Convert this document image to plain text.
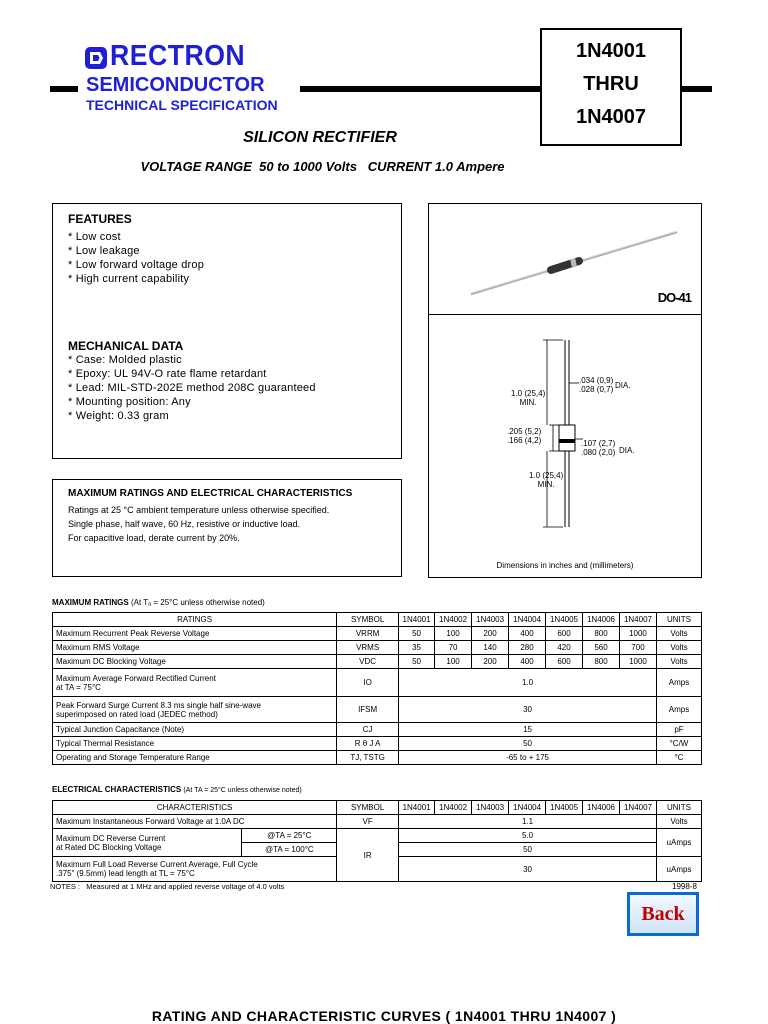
RECTRON
SEMICONDUCTOR
TECHNICAL SPECIFICATION
1N4001
THRU
1N4007
SILICON RECTIFIER
VOLTAGE RANGE  50 to 1000 Volts   CURRENT 1.0 Ampere
FEATURES
* Low cost
* Low leakage
* Low forward voltage drop
* High current capability
MECHANICAL DATA
* Case: Molded plastic
* Epoxy: UL 94V-O rate flame retardant
* Lead: MIL-STD-202E method 208C guaranteed
* Mounting position: Any
* Weight: 0.33 gram
MAXIMUM RATINGS AND ELECTRICAL CHARACTERISTICS
Ratings at 25 °C ambient temperature unless otherwise specified.
Single phase, half wave, 60 Hz, resistive or inductive load.
For capacitive load, derate current by 20%.
DO-41
1.0 (25,4)
MIN.
.034 (0,9)
.028 (0,7) DIA.
.205 (5,2)
.166 (4,2)	.107 (2,7)
.080 (2,0) DIA.
1.0 (25,4)
MIN.
Dimensions in inches and (millimeters)
MAXIMUM RATINGS (At Tₐ = 25°C unless otherwise noted)
RATINGS	SYMBOL	1N4001	1N4002	1N4003	1N4004	1N4005	1N4006	1N4007	UNITS
Maximum Recurrent Peak Reverse Voltage	VRRM	50	100	200	400	600	800	1000	Volts
Maximum RMS Voltage	VRMS	35	70	140	280	420	560	700	Volts
Maximum DC Blocking Voltage	VDC	50	100	200	400	600	800	1000	Volts

Maximum Average Forward Rectified Current
at TA = 75°C	IO	1.0							Amps

Peak Forward Surge Current 8.3 ms single half sine-wave
superimposed on rated load (JEDEC method)	IFSM	30							Amps
Typical Junction Capacitance (Note)	CJ	15							pF
Typical Thermal Resistance	R θ J A	50							°C/W
Operating and Storage Temperature Range	TJ, TSTG	-65 to + 175							°C
ELECTRICAL CHARACTERISTICS (At TA = 25°C unless otherwise noted)
CHARACTERISTICS		SYMBOL	1N4001	1N4002	1N4003	1N4004	1N4005	1N4006	1N4007	UNITS
Maximum Instantaneous Forward Voltage at 1.0A DC		VF	1.1							Volts

Maximum DC Reverse Current
at Rated DC Blocking Voltage	@TA = 25°C	IR	5.0							uAmps
	@TA = 100°C		50							

Maximum Full Load Reverse Current Average, Full Cycle
.375" (9.5mm) lead length at TL = 75°C			30							uAmps
NOTES :   Measured at 1 MHz and applied reverse voltage of 4.0 volts	1998-8
Back
RATING AND CHARACTERISTIC CURVES ( 1N4001 THRU 1N4007 )
